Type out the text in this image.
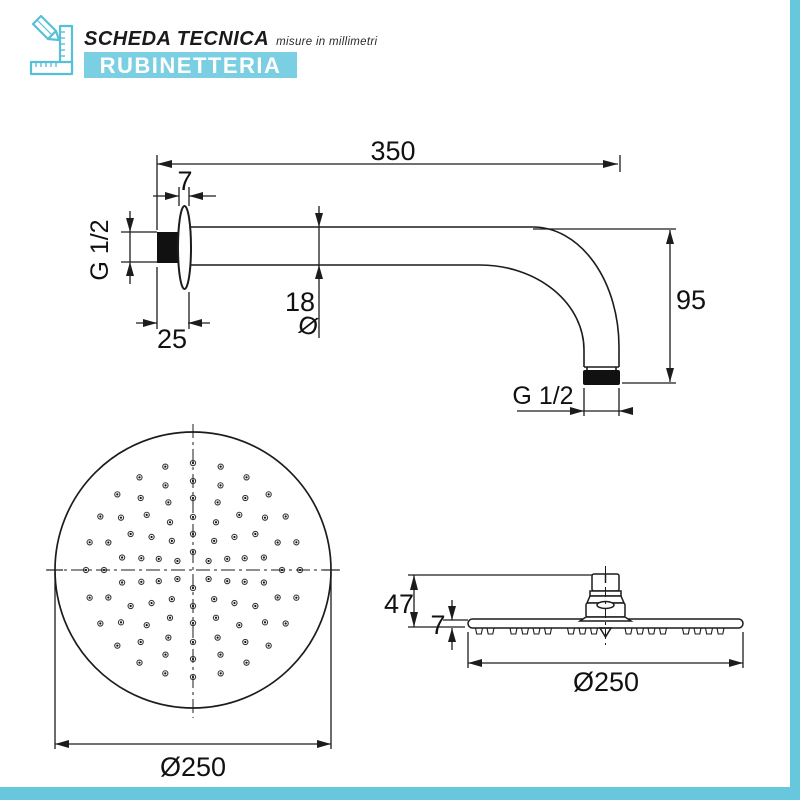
SCHEDA TECNICA misure in millimetri
RUBINETTERIA
350
7
G 1/2
25
18
Ø
95
G 1/2
Ø250
47
7
Ø250
